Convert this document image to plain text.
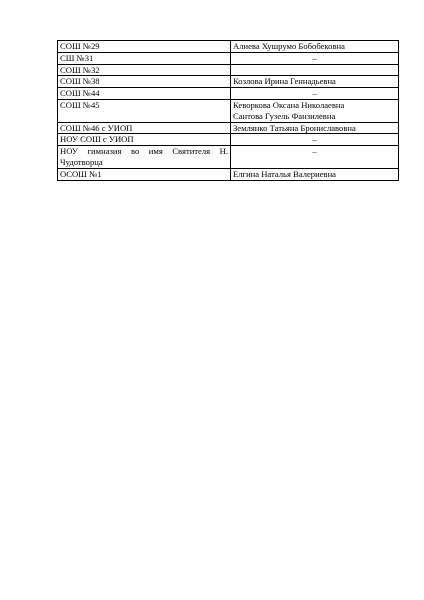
СОШ №29	Алиева Хушрумо Бобобековна

СШ №31	–

СОШ №32	
СОШ №38	Козлова Ирина Геннадьевна

СОШ №44	–

СОШ №45	Кеворкова Оксана Николаевна
Сантова Гузель Фанзилевна

СОШ №46 с УИОП	Землянко Татьяна Брониславовна

НОУ СОШ с УИОП	–

НОУ гимназия во имя Святителя Н. Чудотворца	–

ОСОШ №1	Елгина Наталья Валериевна
